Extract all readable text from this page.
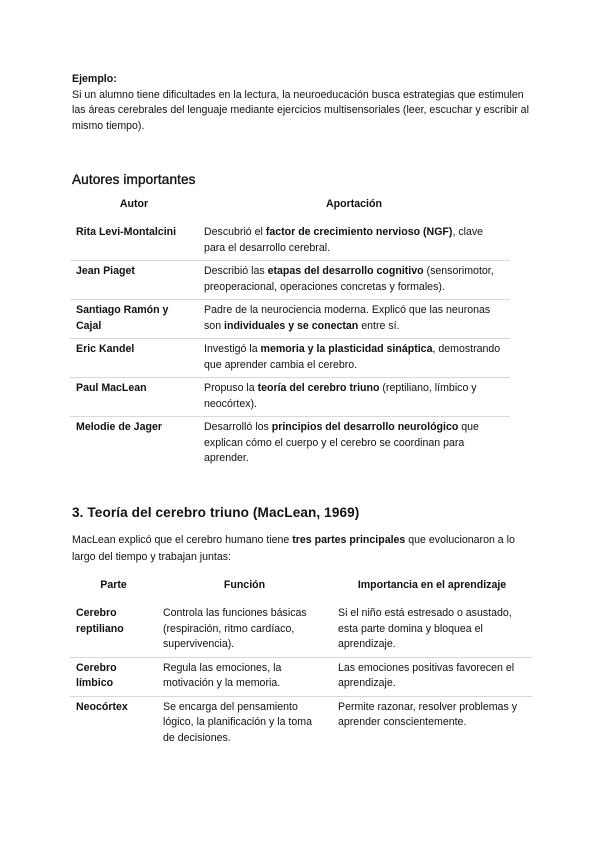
Ejemplo:
Si un alumno tiene dificultades en la lectura, la neuroeducación busca estrategias que estimulen las áreas cerebrales del lenguaje mediante ejercicios multisensoriales (leer, escuchar y escribir al mismo tiempo).
Autores importantes
Autor	Aportación
Rita Levi-Montalcini	Descubrió el factor de crecimiento nervioso (NGF), clave para el desarrollo cerebral.
Jean Piaget	Describió las etapas del desarrollo cognitivo (sensorimotor, preoperacional, operaciones concretas y formales).
Santiago Ramón y Cajal	Padre de la neurociencia moderna. Explicó que las neuronas son individuales y se conectan entre sí.
Eric Kandel	Investigó la memoria y la plasticidad sináptica, demostrando que aprender cambia el cerebro.
Paul MacLean	Propuso la teoría del cerebro triuno (reptiliano, límbico y neocórtex).
Melodie de Jager	Desarrolló los principios del desarrollo neurológico que explican cómo el cuerpo y el cerebro se coordinan para aprender.
3. Teoría del cerebro triuno (MacLean, 1969)
MacLean explicó que el cerebro humano tiene tres partes principales que evolucionaron a lo largo del tiempo y trabajan juntas:
Parte	Función	Importancia en el aprendizaje
Cerebro reptiliano	Controla las funciones básicas (respiración, ritmo cardíaco, supervivencia).	Si el niño está estresado o asustado, esta parte domina y bloquea el aprendizaje.
Cerebro límbico	Regula las emociones, la motivación y la memoria.	Las emociones positivas favorecen el aprendizaje.
Neocórtex	Se encarga del pensamiento lógico, la planificación y la toma de decisiones.	Permite razonar, resolver problemas y aprender conscientemente.
